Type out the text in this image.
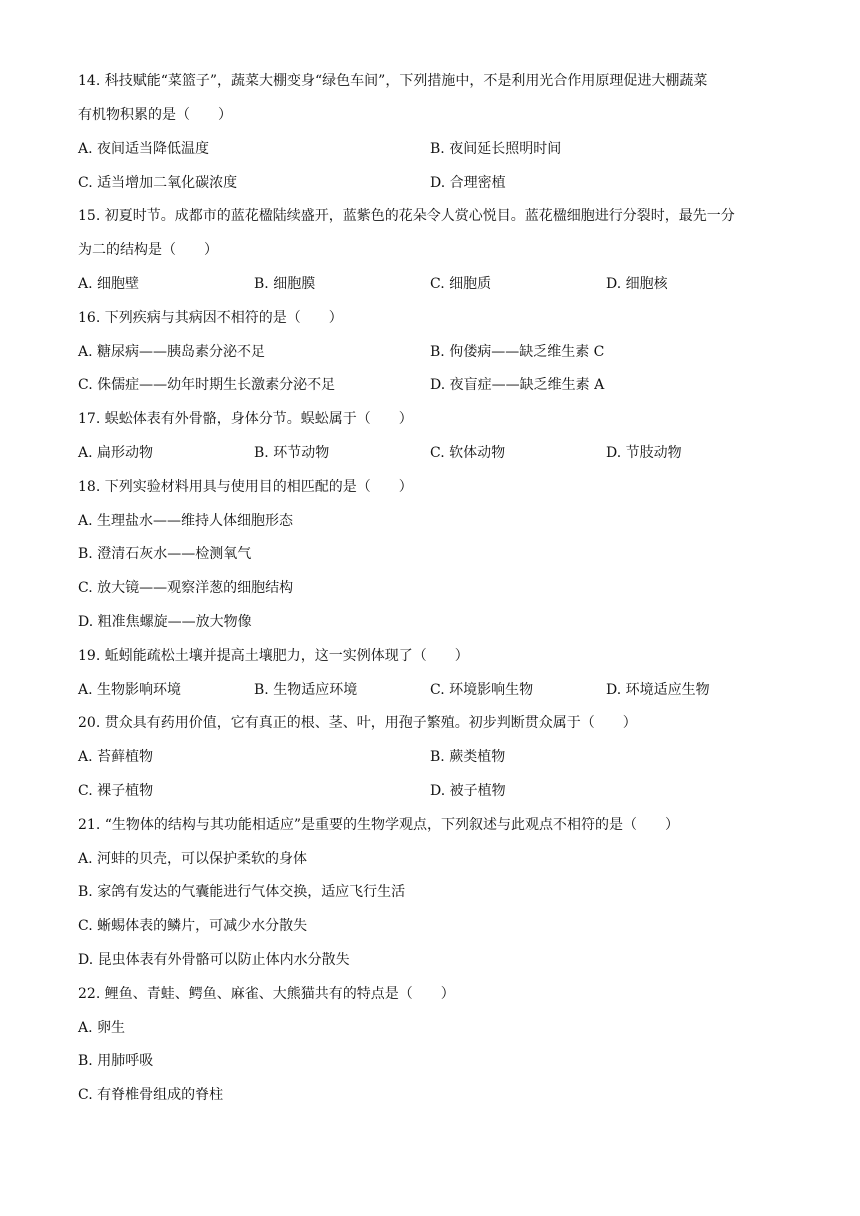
14. 科技赋能“菜篮子”，蔬菜大棚变身“绿色车间”，下列措施中，不是利用光合作用原理促进大棚蔬菜
有机物积累的是（　　）
A. 夜间适当降低温度	B. 夜间延长照明时间
C. 适当增加二氧化碳浓度	D. 合理密植
15. 初夏时节。成都市的蓝花楹陆续盛开，蓝紫色的花朵令人赏心悦目。蓝花楹细胞进行分裂时，最先一分
为二的结构是（　　）
A. 细胞壁	B. 细胞膜	C. 细胞质	D. 细胞核
16. 下列疾病与其病因不相符的是（　　）
A. 糖尿病——胰岛素分泌不足	B. 佝偻病——缺乏维生素 C
C. 侏儒症——幼年时期生长激素分泌不足	D. 夜盲症——缺乏维生素 A
17. 蜈蚣体表有外骨骼，身体分节。蜈蚣属于（　　）
A. 扁形动物	B. 环节动物	C. 软体动物	D. 节肢动物
18. 下列实验材料用具与使用目的相匹配的是（　　）
A. 生理盐水——维持人体细胞形态
B. 澄清石灰水——检测氧气
C. 放大镜——观察洋葱的细胞结构
D. 粗准焦螺旋——放大物像
19. 蚯蚓能疏松土壤并提高土壤肥力，这一实例体现了（　　）
A. 生物影响环境	B. 生物适应环境	C. 环境影响生物	D. 环境适应生物
20. 贯众具有药用价值，它有真正的根、茎、叶，用孢子繁殖。初步判断贯众属于（　　）
A. 苔藓植物	B. 蕨类植物
C. 裸子植物	D. 被子植物
21. “生物体的结构与其功能相适应”是重要的生物学观点，下列叙述与此观点不相符的是（　　）
A. 河蚌的贝壳，可以保护柔软的身体
B. 家鸽有发达的气囊能进行气体交换，适应飞行生活
C. 蜥蜴体表的鳞片，可减少水分散失
D. 昆虫体表有外骨骼可以防止体内水分散失
22. 鲤鱼、青蛙、鳄鱼、麻雀、大熊猫共有的特点是（　　）
A. 卵生
B. 用肺呼吸
C. 有脊椎骨组成的脊柱
